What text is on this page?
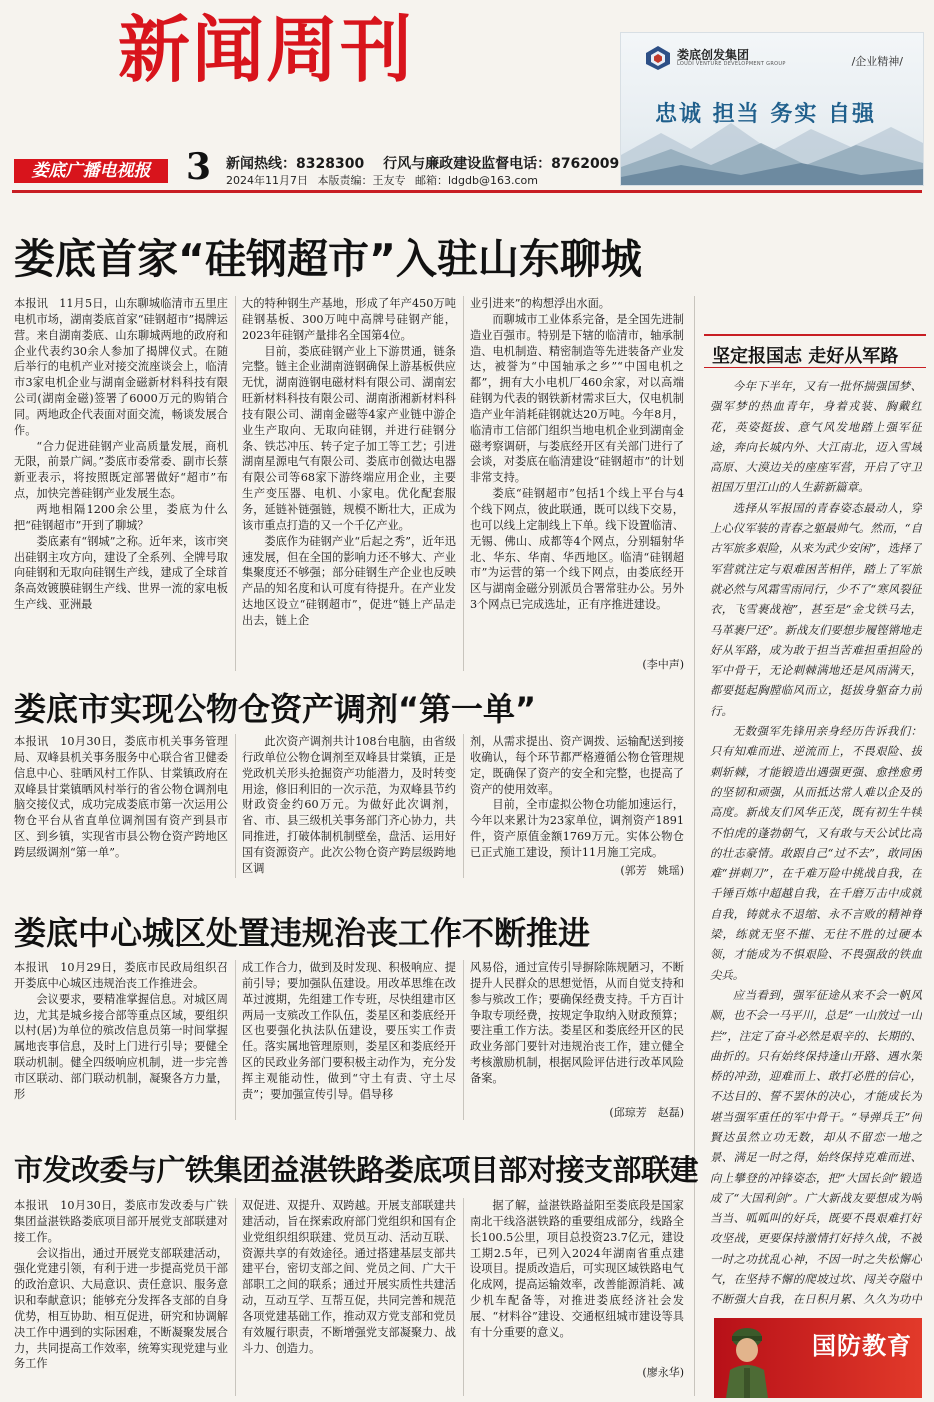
新闻周刊
娄底广播电视报 3 新闻热线：8328300 行风与廉政建设监督电话：8762009
2024年11月7日 本版责编：王友专 邮箱：ldgdb@163.com
娄底创发集团
LOUDI VENTURE DEVELOPMENT GROUP	/企业精神/
忠诚 担当 务实 自强
娄底首家“硅钢超市”入驻山东聊城

本报讯　11月5日，山东聊城临清市五里庄电机市场，湖南娄底首家“硅钢超市”揭牌运营。来自湖南娄底、山东聊城两地的政府和企业代表约30余人参加了揭牌仪式。在随后举行的电机产业对接交流座谈会上，临清市3家电机企业与湖南金磁新材料科技有限公司(湖南金磁)签署了6000万元的购销合同。两地政企代表面对面交流，畅谈发展合作。

“合力促进硅钢产业高质量发展，商机无限，前景广阔。”娄底市委常委、副市长蔡新亚表示，将按照既定部署做好“超市”布点，加快完善硅钢产业发展生态。

两地相隔1200余公里，娄底为什么把“硅钢超市”开到了聊城？

娄底素有“钢城”之称。近年来，该市突出硅钢主攻方向，建设了全系列、全牌号取向硅钢和无取向硅钢生产线，建成了全球首条高效镀膜硅钢生产线、世界一流的家电板生产线、亚洲最

大的特种钢生产基地，形成了年产450万吨硅钢基板、300万吨中高牌号硅钢产能，2023年硅钢产量排名全国第4位。

目前，娄底硅钢产业上下游贯通，链条完整。链主企业湖南涟钢确保上游基板供应无忧，湖南涟钢电磁材料有限公司、湖南宏旺新材料科技有限公司、湖南浙湘新材料科技有限公司、湖南金磁等4家产业链中游企业生产取向、无取向硅钢，并进行硅钢分条、铁芯冲压、转子定子加工等工艺；引进湖南星源电气有限公司、娄底市创微达电器有限公司等68家下游终端应用企业，主要生产变压器、电机、小家电。优化配套服务，延链补链强链，规模不断壮大，正成为该市重点打造的又一个千亿产业。

娄底作为硅钢产业“后起之秀”，近年迅速发展，但在全国的影响力还不够大、产业集聚度还不够强；部分硅钢生产企业也反映产品的知名度和认可度有待提升。在产业发达地区设立“硅钢超市”，促进“链上产品走出去，链上企

业引进来”的构想浮出水面。

而聊城市工业体系完备，是全国先进制造业百强市。特别是下辖的临清市，轴承制造、电机制造、精密制造等先进装备产业发达，被誉为“中国轴承之乡”“中国电机之都”，拥有大小电机厂460余家，对以高端硅钢为代表的钢铁新材需求巨大，仅电机制造产业年消耗硅钢就达20万吨。今年8月，临清市工信部门组织当地电机企业到湖南金磁考察调研，与娄底经开区有关部门进行了会谈，对娄底在临清建设“硅钢超市”的计划非常支持。

娄底“硅钢超市”包括1个线上平台与4个线下网点，彼此联通，既可以线下交易，也可以线上定制线上下单。线下设置临清、无锡、佛山、成都等4个网点，分别辐射华北、华东、华南、华西地区。临清“硅钢超市”为运营的第一个线下网点，由娄底经开区与湖南金磁分别派员合署常驻办公。另外3个网点已完成选址，正有序推进建设。

(李中声)
娄底市实现公物仓资产调剂“第一单”

本报讯　10月30日，娄底市机关事务管理局、双峰县机关事务服务中心联合省卫健委信息中心、驻晒风村工作队、甘棠镇政府在双峰县甘棠镇晒风村举行的省公物仓调剂电脑交接仪式，成功完成娄底市第一次运用公物仓平台从省直单位调剂国有资产到县市区、到乡镇，实现省市县公物仓资产跨地区跨层级调剂“第一单”。

此次资产调剂共计108台电脑，由省级行政单位公物仓调剂至双峰县甘棠镇，正是党政机关形头抢掘资产功能潜力，及时转变用途，修旧利旧的一次示范，为双峰县节约财政资金约60万元。为做好此次调剂，省、市、县三级机关事务部门齐心协力，共同推进，打破体制机制壁垒，盘活、运用好国有资源资产。此次公物仓资产跨层级跨地区调

剂，从需求提出、资产调拨、运输配送到接收确认，每个环节都严格遵循公物仓管理规定，既确保了资产的安全和完整，也提高了资产的使用效率。

目前，全市虚拟公物仓功能加速运行，今年以来累计为23家单位，调剂资产1891件，资产原值金额1769万元。实体公物仓已正式施工建设，预计11月施工完成。

(郭芳　姚瑶)
娄底中心城区处置违规治丧工作不断推进

本报讯　10月29日，娄底市民政局组织召开娄底中心城区违规治丧工作推进会。

会议要求，要精准掌握信息。对城区周边，尤其是城乡接合部等重点区域，要组织以村(居)为单位的殡改信息员第一时间掌握属地丧事信息，及时上门进行引导；要健全联动机制。健全四级响应机制，进一步完善市区联动、部门联动机制，凝聚各方力量，形

成工作合力，做到及时发现、积极响应、提前引导；要加强队伍建设。用改革思维在改革过渡期，先组建工作专班，尽快组建市区两局一支殡改工作队伍，娄星区和娄底经开区也要强化执法队伍建设，要压实工作责任。落实属地管理原则，娄星区和娄底经开区的民政业务部门要积极主动作为，充分发挥主观能动性，做到“守土有责、守土尽责”；要加强宣传引导。倡导移

风易俗，通过宣传引导摒除陈规陋习，不断提升人民群众的思想觉悟，从而自觉支持和参与殡改工作；要确保经费支持。千方百计争取专项经费，按规定争取纳入财政预算；要注重工作方法。娄星区和娄底经开区的民政业务部门要针对违规治丧工作，建立健全考核激励机制，根据风险评估进行改革风险备案。

(邱琼芳　赵磊)
市发改委与广铁集团益湛铁路娄底项目部对接支部联建

本报讯　10月30日，娄底市发改委与广铁集团益湛铁路娄底项目部开展党支部联建对接工作。

会议指出，通过开展党支部联建活动，强化党建引领，有利于进一步提高党员干部的政治意识、大局意识、责任意识、服务意识和奉献意识；能够充分发挥各支部的自身优势，相互协助、相互促进，研究和协调解决工作中遇到的实际困难，不断凝聚发展合力，共同提高工作效率，统筹实现党建与业务工作

双促进、双提升、双跨越。开展支部联建共建活动，旨在探索政府部门党组织和国有企业党组织组织联建、党员互动、活动互联、资源共享的有效途径。通过搭建基层支部共建平台，密切支部之间、党员之间、广大干部职工之间的联系；通过开展实质性共建活动，互动互学、互帮互促，共同完善和规范各项党建基础工作，推动双方党支部和党员有效履行职责，不断增强党支部凝聚力、战斗力、创造力。

据了解，益湛铁路益阳至娄底段是国家南北干线洛湛铁路的重要组成部分，线路全长100.5公里，项目总投资23.7亿元，建设工期2.5年，已列入2024年湖南省重点建设项目。提质改造后，可实现区域铁路电气化成网，提高运输效率，改善能源消耗、减少机车配备等，对推进娄底经济社会发展、“材料谷”建设、交通枢纽城市建设等具有十分重要的意义。

(廖永华)
坚定报国志 走好从军路

今年下半年，又有一批怀揣强国梦、强军梦的热血青年，身着戎装、胸戴红花，英姿挺拔、意气风发地踏上强军征途，奔向长城内外、大江南北，迈入雪域高原、大漠边关的座座军营，开启了守卫祖国万里江山的人生薪新篇章。

选择从军报国的青春姿态最动人，穿上心仪军装的青春之躯最帅气。然而，“自古军旅多艰险，从来为武少安闲”，选择了军营就注定与艰难困苦相伴，踏上了军旅就必然与风霜雪雨同行，少不了“寒风裂征衣，飞雪裹战袍”，甚至是“金戈铁马去，马革裹尸还”。新战友们要想步履铿锵地走好从军路，成为敢于担当苦难担重担险的军中骨干，无论刺棘满地还是风雨满天，都要挺起胸膛临风而立，挺拔身躯奋力前行。

无数强军先锋用亲身经历告诉我们：只有知难而进、逆流而上，不畏艰险、拔刺斩棘，才能锻造出遇强更强、愈挫愈勇的坚韧和顽强，从而抵达常人难以企及的高度。新战友们风华正茂，既有初生牛犊不怕虎的蓬勃朝气，又有敢与天公试比高的壮志豪情。敢跟自己“过不去”，敢同困难“拼刺刀”，在千难万险中挑战自我，在千锤百炼中超越自我，在千磨万击中成就自我，铸就永不退缩、永不言败的精神脊梁，练就无坚不摧、无往不胜的过硬本领，才能成为不惧艰险、不畏强敌的铁血尖兵。

应当看到，强军征途从来不会一帆风顺，也不会一马平川，总是“一山放过一山拦”，注定了奋斗必然是艰辛的、长期的、曲折的。只有始终保持逢山开路、遇水架桥的冲劲，迎难而上、敢打必胜的信心，不达目的、誓不罢休的决心，才能成长为堪当强军重任的军中骨干。“导弹兵王”何賢达虽然立功无数，却从不留恋一地之景、满足一时之得，始终保持克难而进、向上攀登的冲锋姿态，把“大国长剑”锻造成了“大国利剑”。广大新战友要想成为响当当、呱呱叫的好兵，既要不畏艰难打好攻坚战，更要保持激情打好持久战，不被一时之功扰乱心神，不因一时之失松懈心气，在坚持不懈的爬坡过坎、闯关夺隘中不断强大自我，在日积月累、久久为功中

国防教育
